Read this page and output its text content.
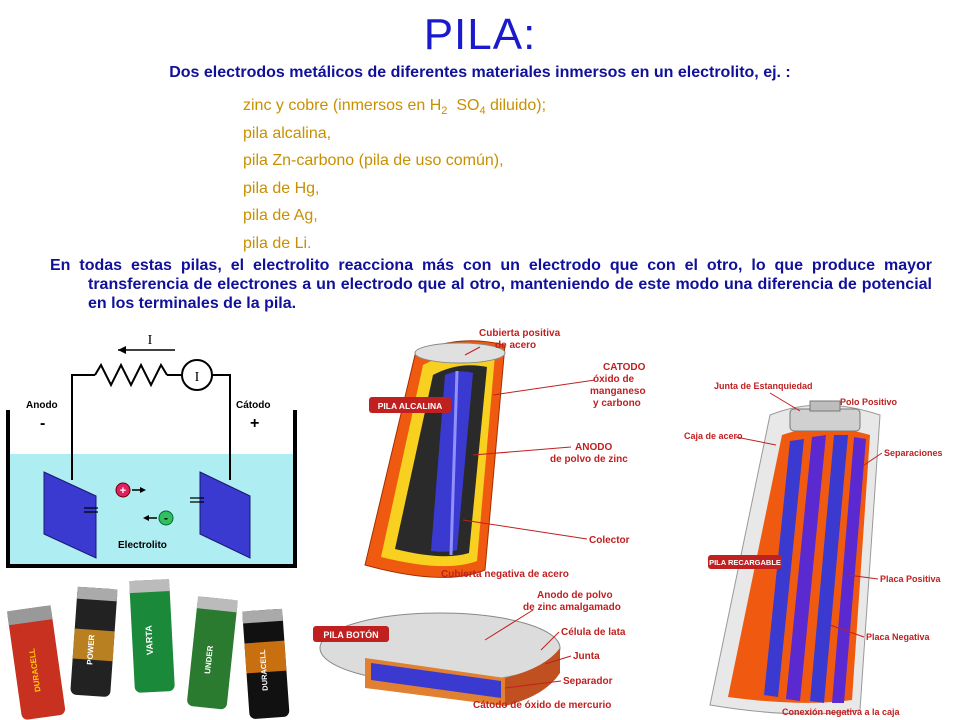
PILA:
Dos electrodos metálicos de diferentes materiales inmersos en un electrolito, ej. :
zinc y cobre (inmersos en $H_2$  $SO_4$ diluido);
pila alcalina,
pila Zn-carbono (pila de uso común),
pila de Hg,
pila de Ag,
pila de Li.
En todas estas pilas, el electrolito reacciona más con un electrodo que con el otro, lo que produce mayor transferencia de electrones a un electrodo que al otro, manteniendo de este modo una diferencia de potencial en los terminales de la pila.
I
I
Anodo
-
Cátodo
+
+
-
Electrolito
PILA ALCALINA
Cubierta positiva de acero
CATODO óxido de manganeso y carbono
ANODO de polvo de zinc
Colector
Cubierta negativa de acero
PILA BOTÓN
Anodo de polvo de zinc amalgamado
Célula de lata
Junta
Separador
Cátodo de óxido de mercurio
PILA RECARGABLE
Junta de Estanquiedad
Polo Positivo
Caja de acero
Separaciones
Placa Positiva
Placa Negativa
Conexión negativa a la caja
DURACELL	POWER	VARTA
UNDER	DURACELL
